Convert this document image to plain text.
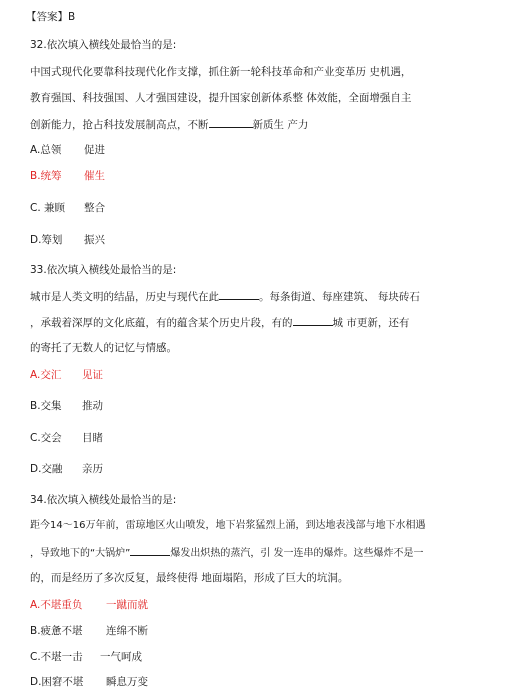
【答案】B
32.依次填入横线处最恰当的是:
中国式现代化要靠科技现代化作支撑，抓住新一轮科技革命和产业变革历 史机遇，
教育强国、科技强国、人才强国建设，提升国家创新体系整 体效能，全面增强自主
创新能力，抢占科技发展制高点，不断	新质生 产力
A.总领 促进
B.统筹 催生
C. 兼顾 整合
D.筹划 振兴
33.依次填入横线处最恰当的是:
城市是人类文明的结晶，历史与现代在此	。每条街道、每座建筑、 每块砖石
，承载着深厚的文化底蕴，有的蕴含某个历史片段，有的	城 市更新，还有
的寄托了无数人的记忆与情感。
A.交汇 见证
B.交集 推动
C.交会 目睹
D.交融 亲历
34.依次填入横线处最恰当的是:
距今14～16万年前，雷琼地区火山喷发，地下岩浆猛烈上涌，到达地表浅部与地下水相遇
，导致地下的“大锅炉”	爆发出炽热的蒸汽，引 发一连串的爆炸。这些爆炸不是一
的，而是经历了多次反复，最终使得 地面塌陷，形成了巨大的坑洞。
A.不堪重负 一蹴而就
B.疲惫不堪 连绵不断
C.不堪一击 一气呵成
D.困窘不堪 瞬息万变
